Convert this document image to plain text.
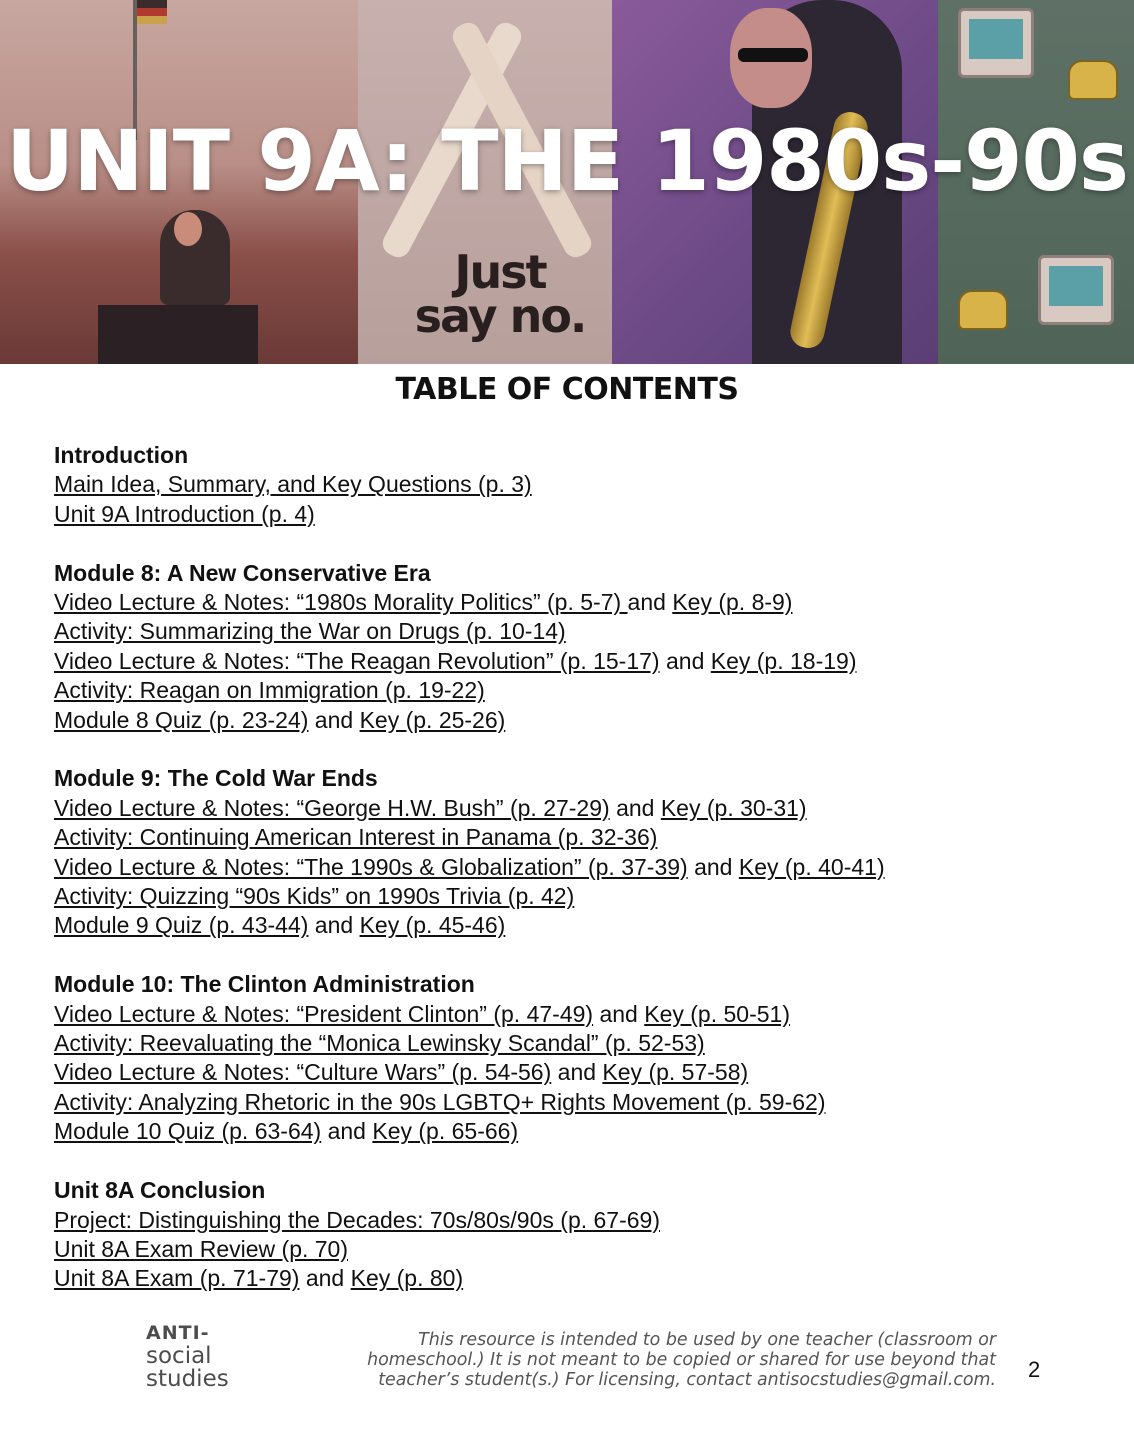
Just say no.
UNIT 9A: THE 1980s-90s
TABLE OF CONTENTS
Introduction
Main Idea, Summary, and Key Questions (p. 3)
Unit 9A Introduction (p. 4)
Module 8: A New Conservative Era
Video Lecture & Notes: “1980s Morality Politics” (p. 5-7) and Key (p. 8-9)
Activity: Summarizing the War on Drugs (p. 10-14)
Video Lecture & Notes: “The Reagan Revolution” (p. 15-17) and Key (p. 18-19)
Activity: Reagan on Immigration (p. 19-22)
Module 8 Quiz (p. 23-24) and Key (p. 25-26)
Module 9: The Cold War Ends
Video Lecture & Notes: “George H.W. Bush” (p. 27-29) and Key (p. 30-31)
Activity: Continuing American Interest in Panama (p. 32-36)
Video Lecture & Notes: “The 1990s & Globalization” (p. 37-39) and Key (p. 40-41)
Activity: Quizzing “90s Kids” on 1990s Trivia (p. 42)
Module 9 Quiz (p. 43-44) and Key (p. 45-46)
Module 10: The Clinton Administration
Video Lecture & Notes: “President Clinton” (p. 47-49) and Key (p. 50-51)
Activity: Reevaluating the “Monica Lewinsky Scandal” (p. 52-53)
Video Lecture & Notes: “Culture Wars” (p. 54-56) and Key (p. 57-58)
Activity: Analyzing Rhetoric in the 90s LGBTQ+ Rights Movement (p. 59-62)
Module 10 Quiz (p. 63-64) and Key (p. 65-66)
Unit 8A Conclusion
Project: Distinguishing the Decades: 70s/80s/90s (p. 67-69)
Unit 8A Exam Review (p. 70)
Unit 8A Exam (p. 71-79) and Key (p. 80)
ANTI-
social
studies
This resource is intended to be used by one teacher (classroom or
homeschool.) It is not meant to be copied or shared for use beyond that
teacher’s student(s.) For licensing, contact antisocstudies@gmail.com. 2
